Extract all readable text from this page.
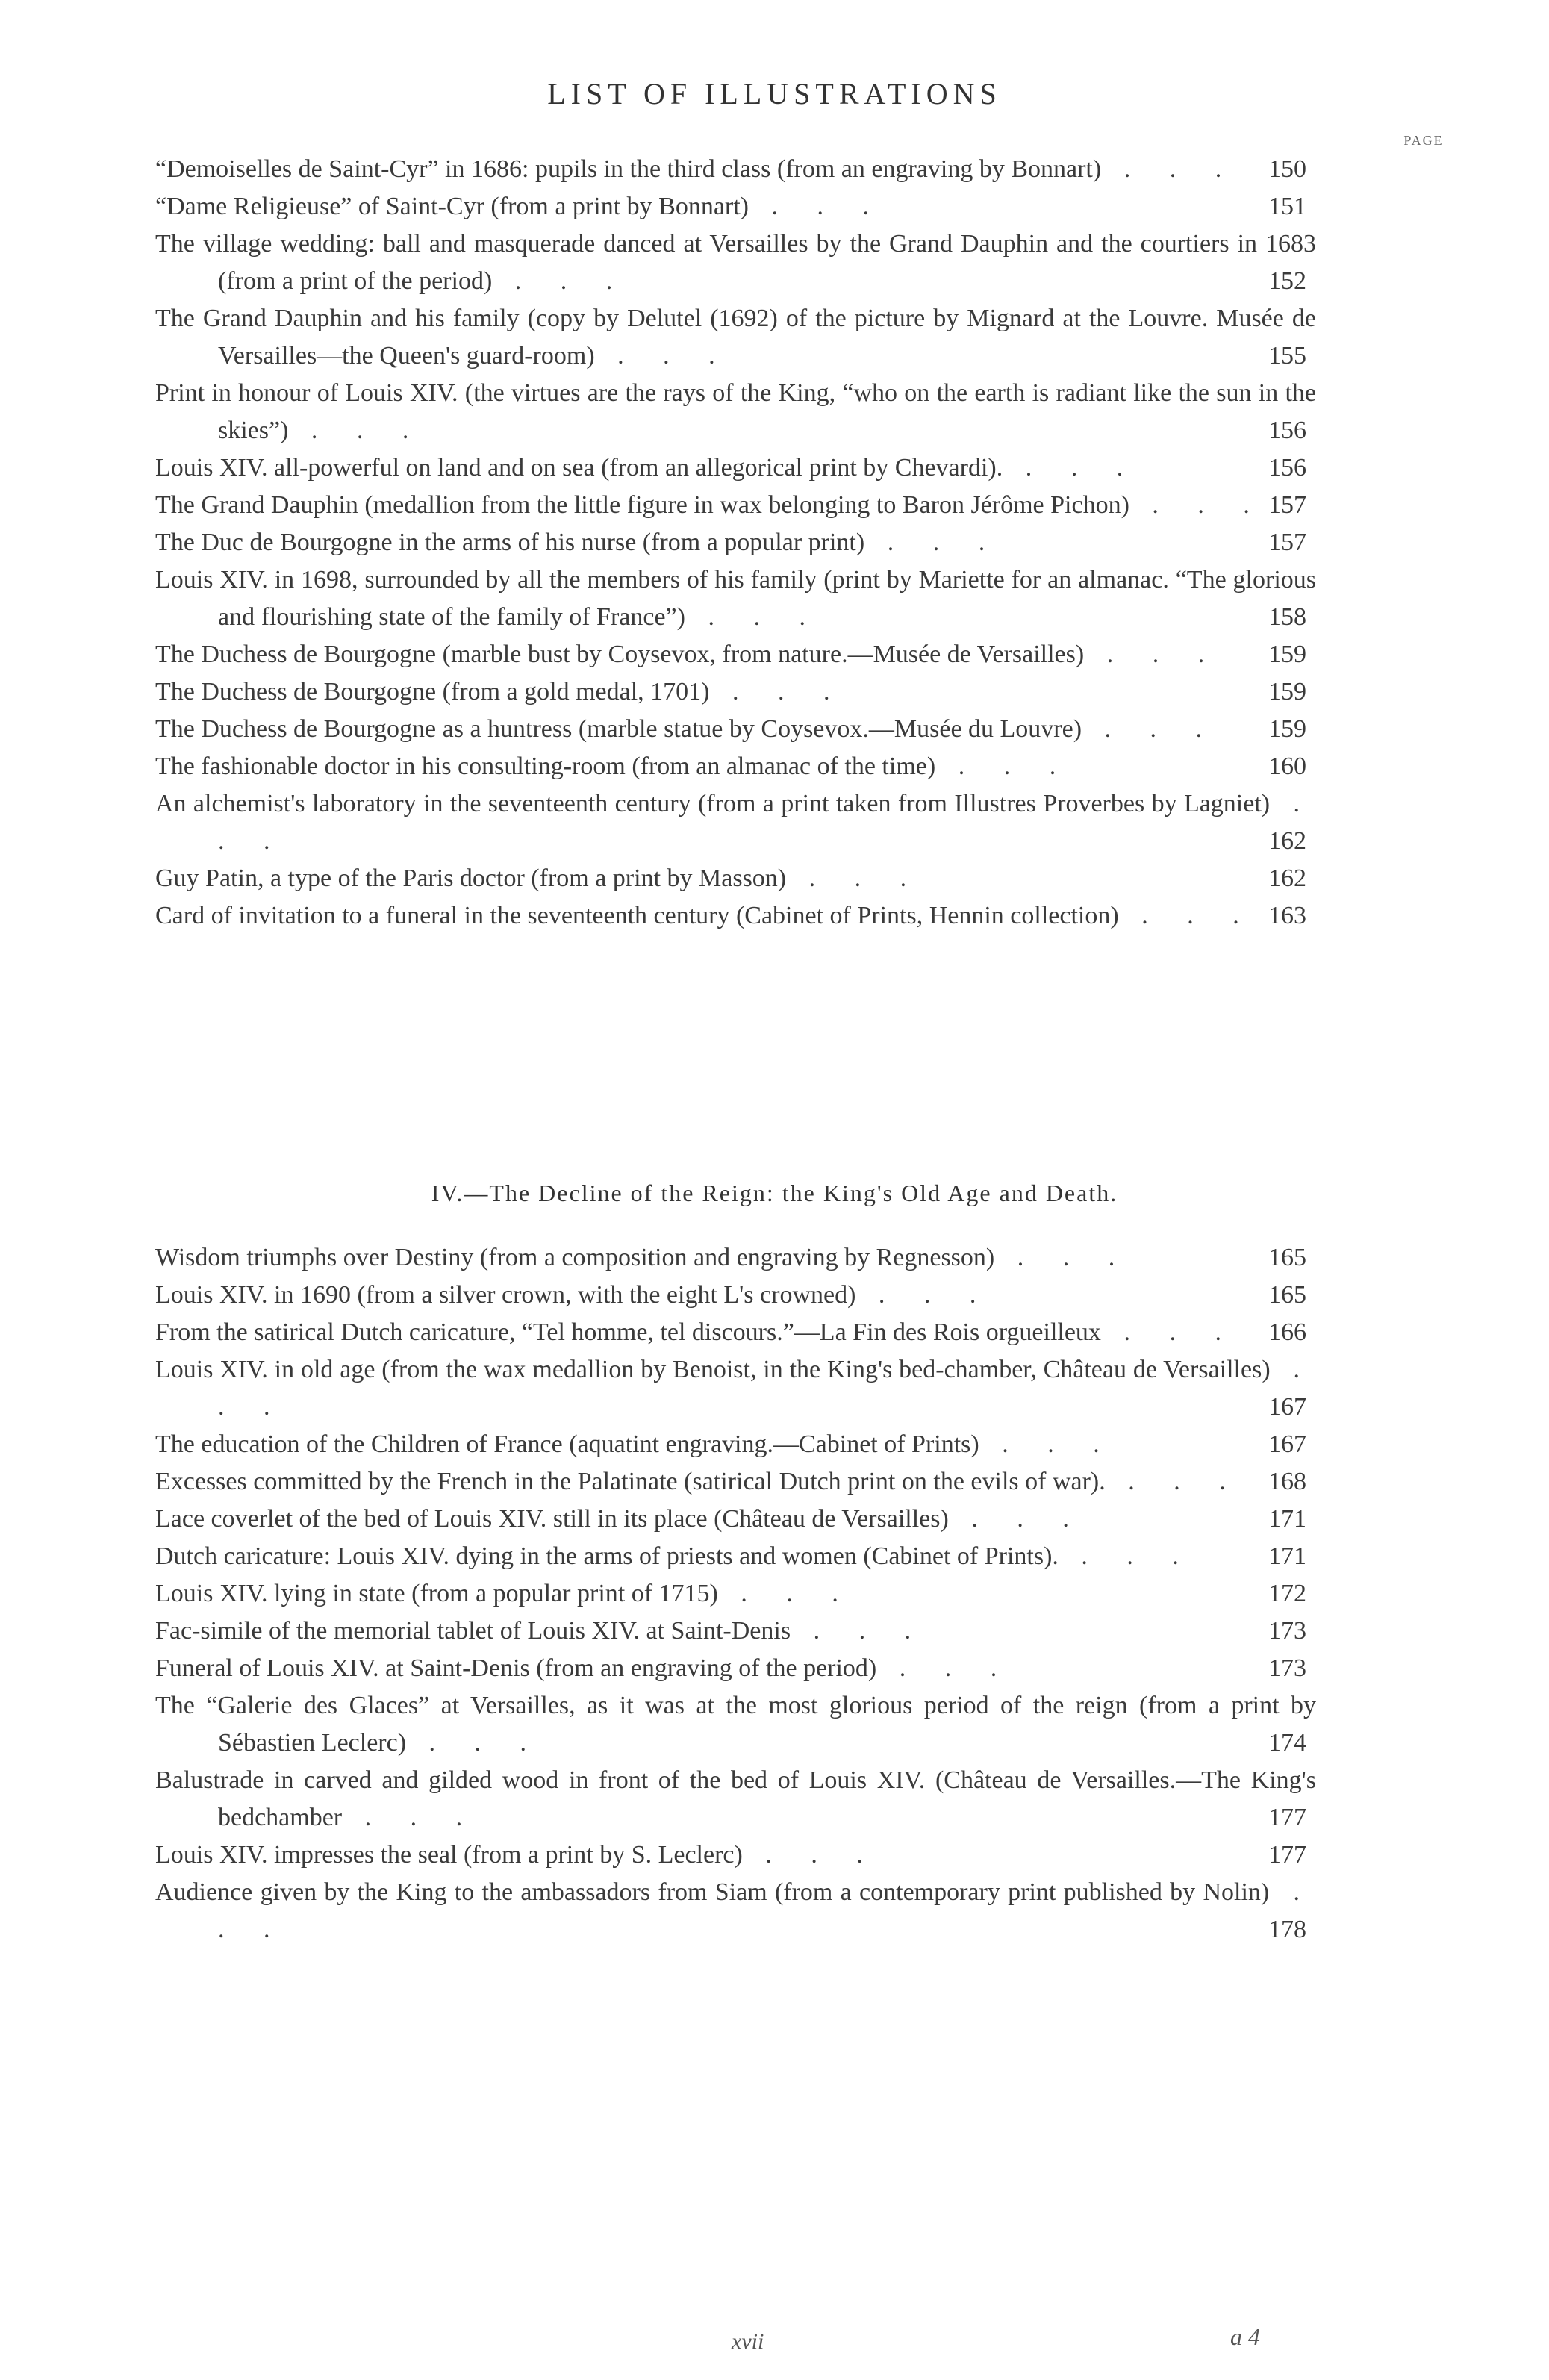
LIST OF ILLUSTRATIONS
PAGE
“Demoiselles de Saint-Cyr” in 1686: pupils in the third class (from an engraving by Bonnart) . . . 150
“Dame Religieuse” of Saint-Cyr (from a print by Bonnart) . . .	151
The village wedding: ball and masquerade danced at Versailles by the Grand Dauphin and the courtiers in 1683 (from a print of the period) . . .	152
The Grand Dauphin and his family (copy by Delutel (1692) of the picture by Mignard at the Louvre. Musée de Versailles—the Queen's guard-room) . . .	155
Print in honour of Louis XIV. (the virtues are the rays of the King, “who on the earth is radiant like the sun in the skies”) . . .	156
Louis XIV. all-powerful on land and on sea (from an allegorical print by Chevardi). . . .	156
The Grand Dauphin (medallion from the little figure in wax belonging to Baron Jérôme Pichon) . . . 157
The Duc de Bourgogne in the arms of his nurse (from a popular print) . . .	157
Louis XIV. in 1698, surrounded by all the members of his family (print by Mariette for an almanac. “The glorious and flourishing state of the family of France”) . . .	158
The Duchess de Bourgogne (marble bust by Coysevox, from nature.—Musée de Versailles) . . . 159
The Duchess de Bourgogne (from a gold medal, 1701) . . .	159
The Duchess de Bourgogne as a huntress (marble statue by Coysevox.—Musée du Louvre) . . . 159
The fashionable doctor in his consulting-room (from an almanac of the time) . . .	160
An alchemist's laboratory in the seventeenth century (from a print taken from Illustres Proverbes by Lagniet) . . .	162
Guy Patin, a type of the Paris doctor (from a print by Masson) . . .	162
Card of invitation to a funeral in the seventeenth century (Cabinet of Prints, Hennin collection) . . . 163
IV.—The Decline of the Reign: the King's Old Age and Death.
Wisdom triumphs over Destiny (from a composition and engraving by Regnesson) . . .	165
Louis XIV. in 1690 (from a silver crown, with the eight L's crowned) . . .	165
From the satirical Dutch caricature, “Tel homme, tel discours.”—La Fin des Rois orgueilleux . . . 166
Louis XIV. in old age (from the wax medallion by Benoist, in the King's bed-chamber, Château de Versailles) . . .	167
The education of the Children of France (aquatint engraving.—Cabinet of Prints) . . .	167
Excesses committed by the French in the Palatinate (satirical Dutch print on the evils of war). . . . 168
Lace coverlet of the bed of Louis XIV. still in its place (Château de Versailles) . . .	171
Dutch caricature: Louis XIV. dying in the arms of priests and women (Cabinet of Prints). . . .	171
Louis XIV. lying in state (from a popular print of 1715) . . .	172
Fac-simile of the memorial tablet of Louis XIV. at Saint-Denis . . .	173
Funeral of Louis XIV. at Saint-Denis (from an engraving of the period) . . .	173
The “Galerie des Glaces” at Versailles, as it was at the most glorious period of the reign (from a print by Sébastien Leclerc) . . .	174
Balustrade in carved and gilded wood in front of the bed of Louis XIV. (Château de Versailles.—The King's bedchamber . . .	177
Louis XIV. impresses the seal (from a print by S. Leclerc) . . .	177
Audience given by the King to the ambassadors from Siam (from a contemporary print published by Nolin) . . .	178
xvii	a 4
